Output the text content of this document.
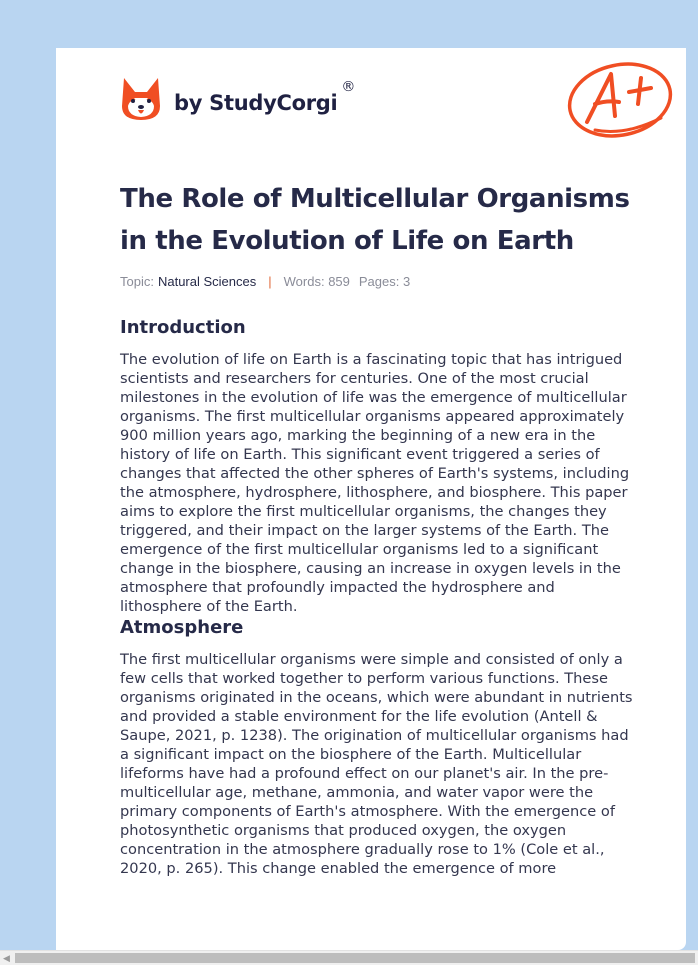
by StudyCorgi
®
The Role of Multicellular Organisms in the Evolution of Life on Earth
Topic: Natural Sciences | Words: 859 Pages: 3
Introduction

The evolution of life on Earth is a fascinating topic that has intrigued scientists and researchers for centuries. One of the most crucial milestones in the evolution of life was the emergence of multicellular organisms. The first multicellular organisms appeared approximately 900 million years ago, marking the beginning of a new era in the history of life on Earth. This significant event triggered a series of changes that affected the other spheres of Earth's systems, including the atmosphere, hydrosphere, lithosphere, and biosphere. This paper aims to explore the first multicellular organisms, the changes they triggered, and their impact on the larger systems of the Earth. The emergence of the first multicellular organisms led to a significant change in the biosphere, causing an increase in oxygen levels in the atmosphere that profoundly impacted the hydrosphere and lithosphere of the Earth.

Atmosphere

The first multicellular organisms were simple and consisted of only a few cells that worked together to perform various functions. These organisms originated in the oceans, which were abundant in nutrients and provided a stable environment for the life evolution (Antell & Saupe, 2021, p. 1238). The origination of multicellular organisms had a significant impact on the biosphere of the Earth. Multicellular lifeforms have had a profound effect on our planet's air. In the pre-multicellular age, methane, ammonia, and water vapor were the primary components of Earth's atmosphere. With the emergence of photosynthetic organisms that produced oxygen, the oxygen concentration in the atmosphere gradually rose to 1% (Cole et al., 2020, p. 265). This change enabled the emergence of more

◀
